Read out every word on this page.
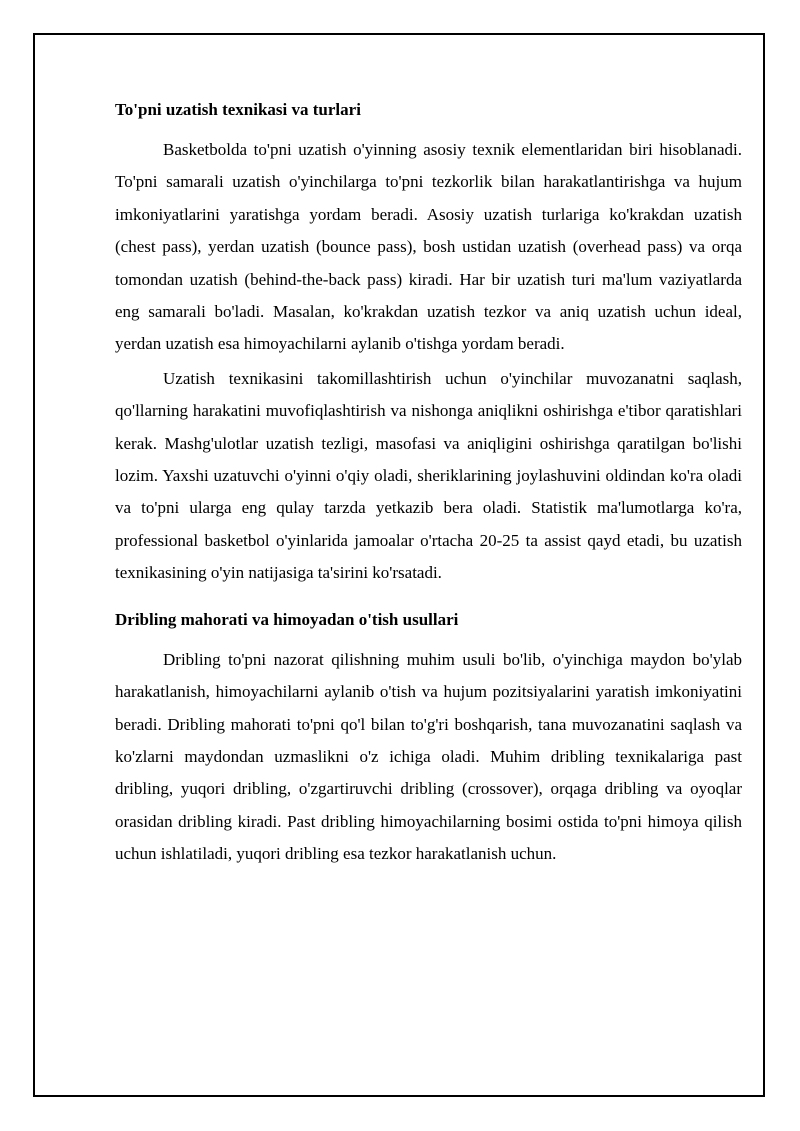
To'pni uzatish texnikasi va turlari

Basketbolda to'pni uzatish o'yinning asosiy texnik elementlaridan biri hisoblanadi. To'pni samarali uzatish o'yinchilarga to'pni tezkorlik bilan harakatlantirishga va hujum imkoniyatlarini yaratishga yordam beradi. Asosiy uzatish turlariga ko'krakdan uzatish (chest pass), yerdan uzatish (bounce pass), bosh ustidan uzatish (overhead pass) va orqa tomondan uzatish (behind-the-back pass) kiradi. Har bir uzatish turi ma'lum vaziyatlarda eng samarali bo'ladi. Masalan, ko'krakdan uzatish tezkor va aniq uzatish uchun ideal, yerdan uzatish esa himoyachilarni aylanib o'tishga yordam beradi.

Uzatish texnikasini takomillashtirish uchun o'yinchilar muvozanatni saqlash, qo'llarning harakatini muvofiqlashtirish va nishonga aniqlikni oshirishga e'tibor qaratishlari kerak. Mashg'ulotlar uzatish tezligi, masofasi va aniqligini oshirishga qaratilgan bo'lishi lozim. Yaxshi uzatuvchi o'yinni o'qiy oladi, sheriklarining joylashuvini oldindan ko'ra oladi va to'pni ularga eng qulay tarzda yetkazib bera oladi. Statistik ma'lumotlarga ko'ra, professional basketbol o'yinlarida jamoalar o'rtacha 20-25 ta assist qayd etadi, bu uzatish texnikasining o'yin natijasiga ta'sirini ko'rsatadi.

Dribling mahorati va himoyadan o'tish usullari

Dribling to'pni nazorat qilishning muhim usuli bo'lib, o'yinchiga maydon bo'ylab harakatlanish, himoyachilarni aylanib o'tish va hujum pozitsiyalarini yaratish imkoniyatini beradi. Dribling mahorati to'pni qo'l bilan to'g'ri boshqarish, tana muvozanatini saqlash va ko'zlarni maydondan uzmaslikni o'z ichiga oladi. Muhim dribling texnikalariga past dribling, yuqori dribling, o'zgartiruvchi dribling (crossover), orqaga dribling va oyoqlar orasidan dribling kiradi. Past dribling himoyachilarning bosimi ostida to'pni himoya qilish uchun ishlatiladi, yuqori dribling esa tezkor harakatlanish uchun.
